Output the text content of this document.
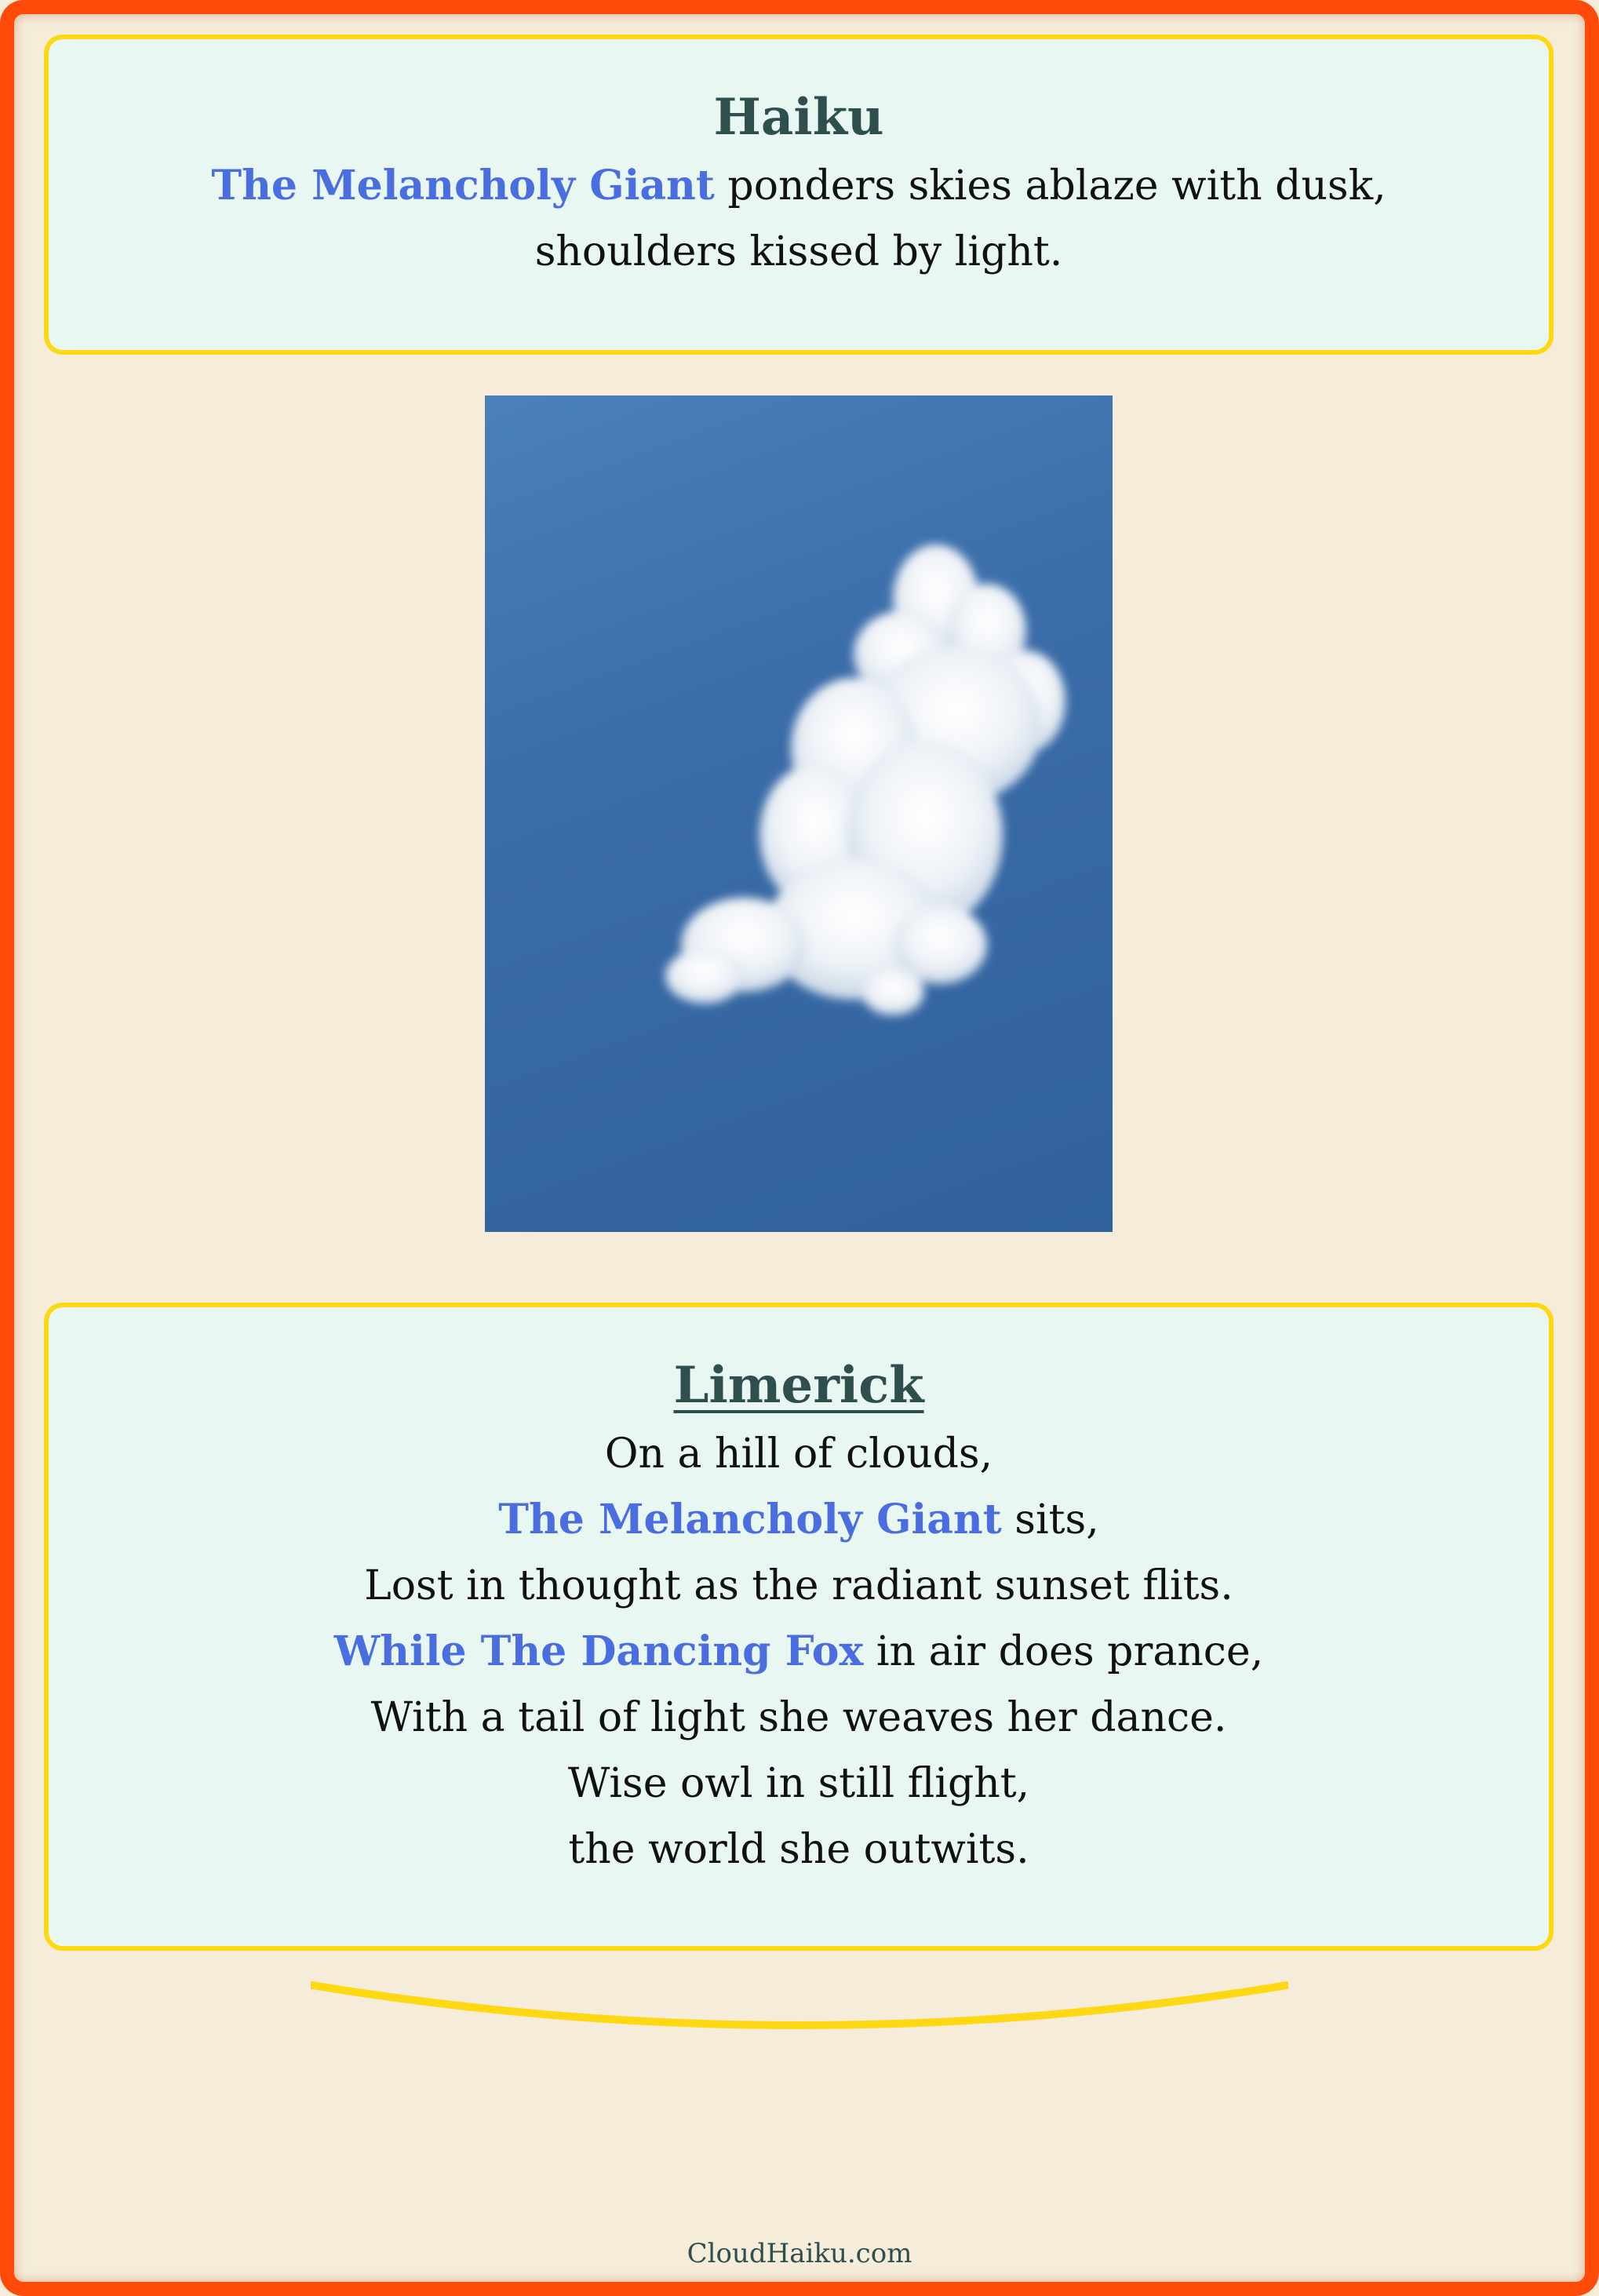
Haiku
The Melancholy Giant ponders skies ablaze with dusk,
shoulders kissed by light.
Limerick
On a hill of clouds,
The Melancholy Giant sits,
Lost in thought as the radiant sunset flits.
While The Dancing Fox in air does prance,
With a tail of light she weaves her dance.
Wise owl in still flight,
the world she outwits.
CloudHaiku.com
